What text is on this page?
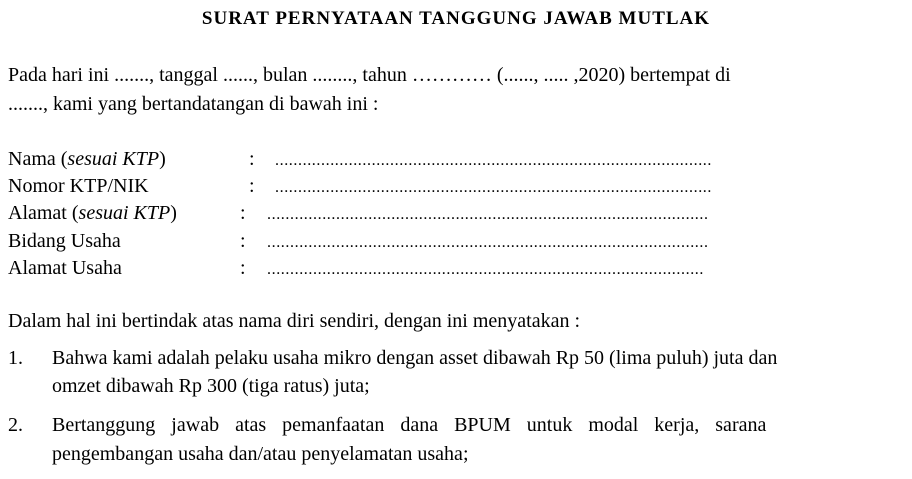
SURAT PERNYATAAN TANGGUNG JAWAB MUTLAK
Pada hari ini ......., tanggal ......, bulan ........, tahun ………… (......, ..... ,2020) bertempat di
......., kami yang bertandatangan di bawah ini :
Nama (sesuai KTP)	: ...............................................................................................
Nomor KTP/NIK	: ...............................................................................................
Alamat (sesuai KTP)	: ................................................................................................
Bidang Usaha	: ................................................................................................
Alamat Usaha	: ...............................................................................................
Dalam hal ini bertindak atas nama diri sendiri, dengan ini menyatakan :
1. Bahwa kami adalah pelaku usaha mikro dengan asset dibawah Rp 50 (lima puluh) juta dan
omzet dibawah Rp 300 (tiga ratus) juta;
2. Bertanggung jawab atas pemanfaatan dana BPUM untuk modal kerja, sarana
pengembangan usaha dan/atau penyelamatan usaha;
